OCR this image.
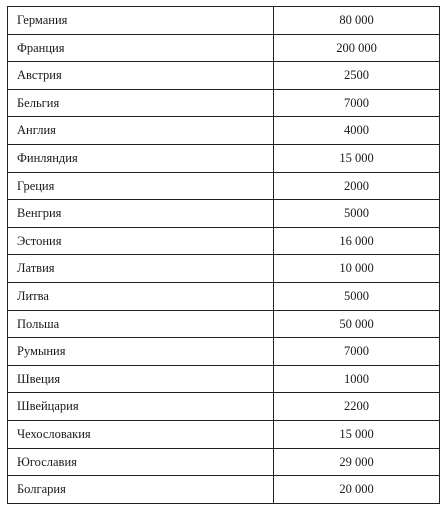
Германия	80 000
Франция	200 000
Австрия	2500
Бельгия	7000
Англия	4000
Финляндия	15 000
Греция	2000
Венгрия	5000
Эстония	16 000
Латвия	10 000
Литва	5000
Польша	50 000
Румыния	7000
Швеция	1000
Швейцария	2200
Чехословакия	15 000
Югославия	29 000
Болгария	20 000
